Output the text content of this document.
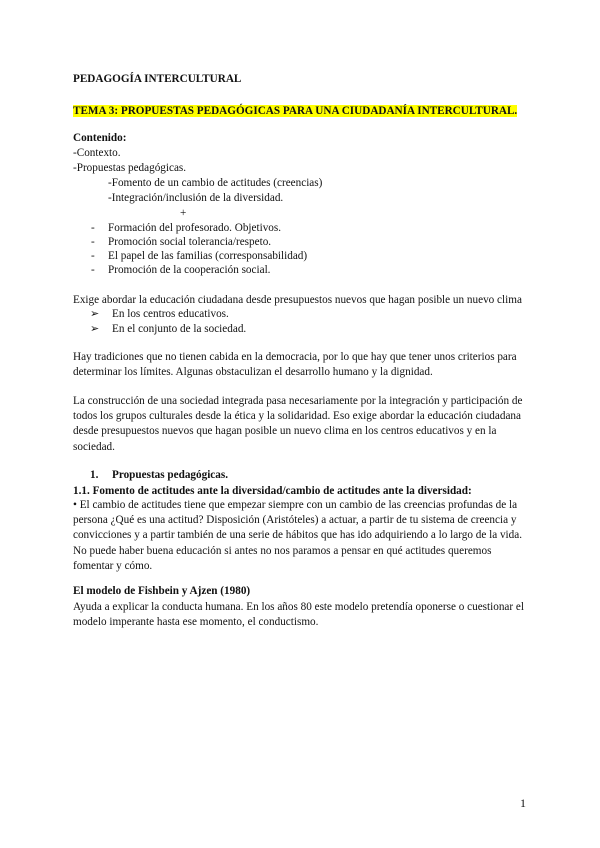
PEDAGOGÍA INTERCULTURAL
TEMA 3: PROPUESTAS PEDAGÓGICAS PARA UNA CIUDADANÍA INTERCULTURAL.
Contenido:
-Contexto.
-Propuestas pedagógicas.
-Fomento de un cambio de actitudes (creencias)
-Integración/inclusión de la diversidad.
+
- Formación del profesorado. Objetivos.
- Promoción social tolerancia/respeto.
- El papel de las familias (corresponsabilidad)
- Promoción de la cooperación social.
Exige abordar la educación ciudadana desde presupuestos nuevos que hagan posible un nuevo clima
➢ En los centros educativos.
➢ En el conjunto de la sociedad.
Hay tradiciones que no tienen cabida en la democracia, por lo que hay que tener unos criterios para determinar los límites. Algunas obstaculizan el desarrollo humano y la dignidad.
La construcción de una sociedad integrada pasa necesariamente por la integración y participación de todos los grupos culturales desde la ética y la solidaridad. Eso exige abordar la educación ciudadana desde presupuestos nuevos que hagan posible un nuevo clima en los centros educativos y en la sociedad.
1. Propuestas pedagógicas.
1.1. Fomento de actitudes ante la diversidad/cambio de actitudes ante la diversidad:
• El cambio de actitudes tiene que empezar siempre con un cambio de las creencias profundas de la persona ¿Qué es una actitud? Disposición (Aristóteles) a actuar, a partir de tu sistema de creencia y convicciones y a partir también de una serie de hábitos que has ido adquiriendo a lo largo de la vida. No puede haber buena educación si antes no nos paramos a pensar en qué actitudes queremos fomentar y cómo.
El modelo de Fishbein y Ajzen (1980)
Ayuda a explicar la conducta humana. En los años 80 este modelo pretendía oponerse o cuestionar el modelo imperante hasta ese momento, el conductismo.
1
